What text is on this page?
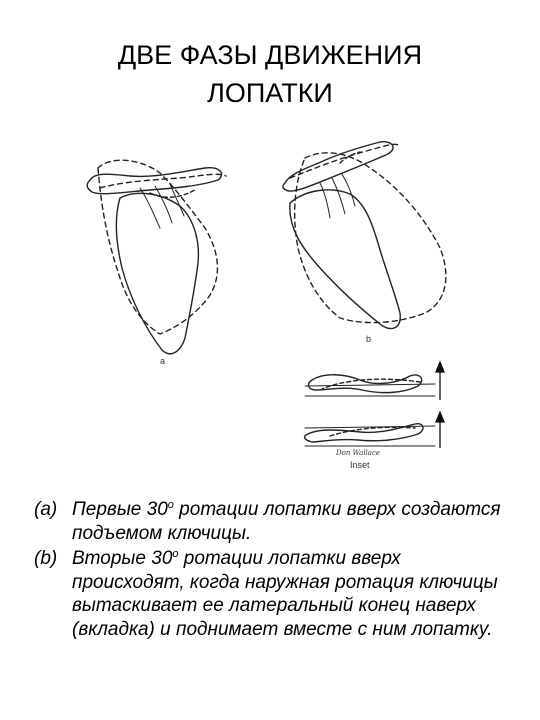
ДВЕ ФАЗЫ ДВИЖЕНИЯ
ЛОПАТКИ
a
b
Don Wallace
Inset
(a) Первые 30$^o$ ротации лопатки вверх создаются подъемом ключицы.
(b) Вторые 30$^o$ ротации лопатки вверх происходят, когда наружная ротация ключицы вытаскивает ее латеральный конец наверх (вкладка) и поднимает вместе с ним лопатку.
